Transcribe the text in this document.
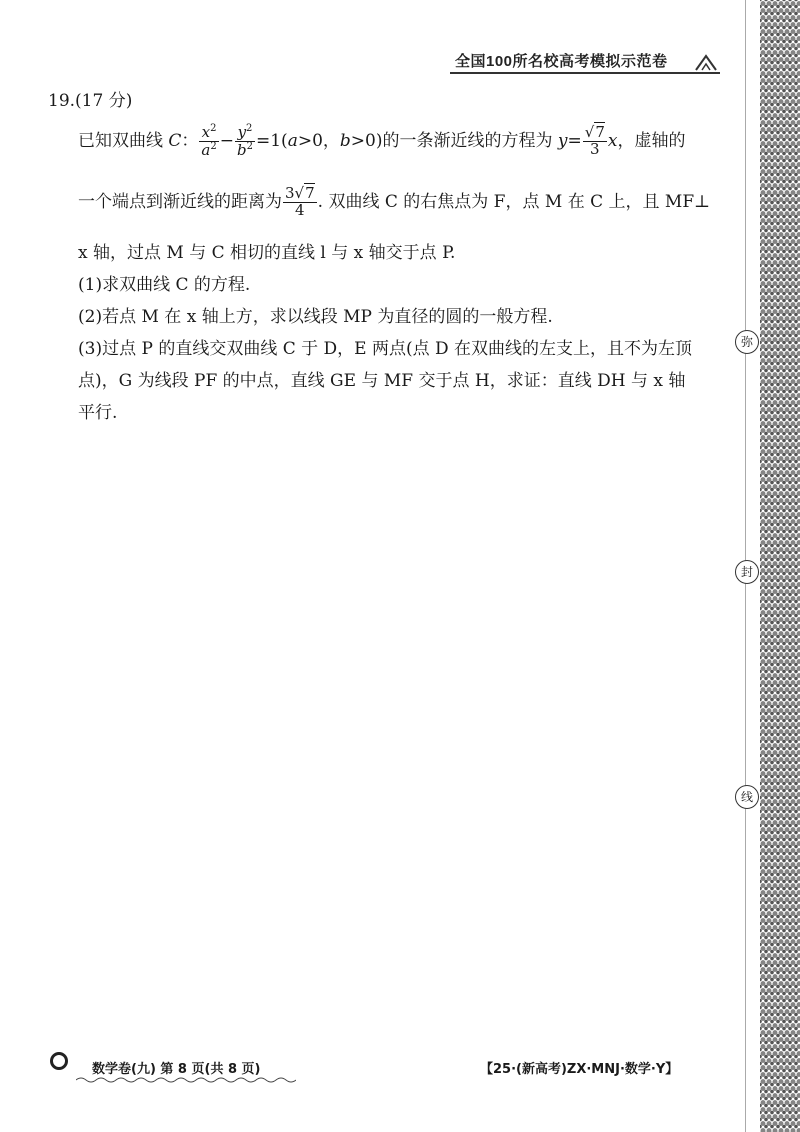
弥
封
线
全国100所名校高考模拟示范卷
19.(17 分)
已知双曲线 C： $\frac{x^2}{a^2} - \frac{y^2}{b^2} =1(a>0$，b>0)的一条渐近线的方程为 $y= \frac{√7}{3}$ x，虚轴的
一个端点到渐近线的距离为 $\frac{3√7}{4}$ . 双曲线 C 的右焦点为 F，点 M 在 C 上，且 MF⊥
x 轴，过点 M 与 C 相切的直线 l 与 x 轴交于点 P.
(1)求双曲线 C 的方程.
(2)若点 M 在 x 轴上方，求以线段 MP 为直径的圆的一般方程.
(3)过点 P 的直线交双曲线 C 于 D，E 两点(点 D 在双曲线的左支上，且不为左顶
点)，G 为线段 PF 的中点，直线 GE 与 MF 交于点 H，求证：直线 DH 与 x 轴
平行.
数学卷(九) 第 8 页(共 8 页)	【25·(新高考)ZX·MNJ·数学·Y】
